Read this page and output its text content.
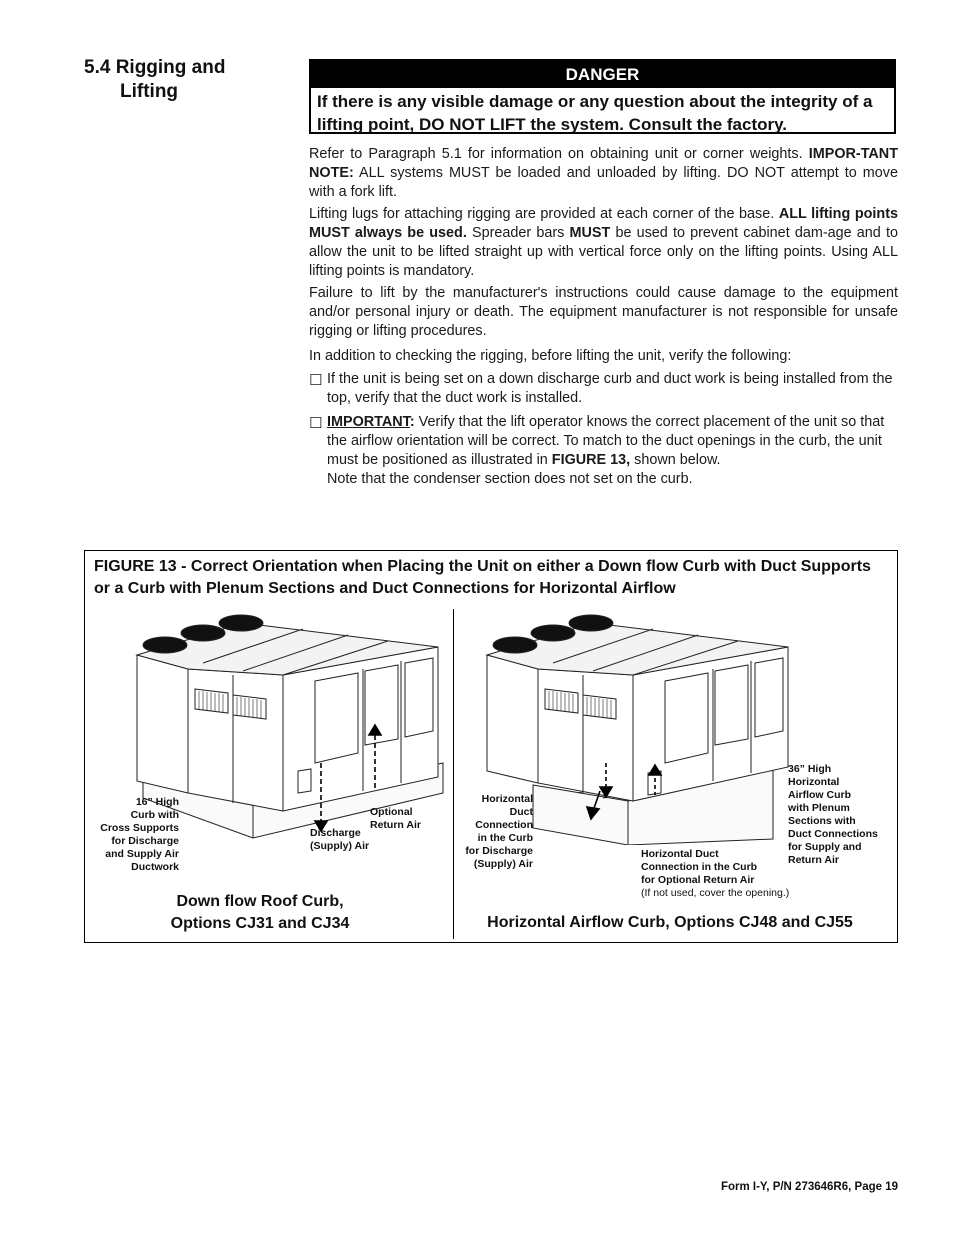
5.4 Rigging and
Lifting
DANGER
If there is any visible damage or any question about the integrity of a lifting point, DO NOT LIFT the system. Consult the factory.

Refer to Paragraph 5.1 for information on obtaining unit or corner weights. IMPOR-TANT NOTE: ALL systems MUST be loaded and unloaded by lifting. DO NOT attempt to move with a fork lift.

Lifting lugs for attaching rigging are provided at each corner of the base. ALL lifting points MUST always be used. Spreader bars MUST be used to prevent cabinet dam-age and to allow the unit to be lifted straight up with vertical force only on the lifting points. Using ALL lifting points is mandatory.

Failure to lift by the manufacturer's instructions could cause damage to the equipment and/or personal injury or death. The equipment manufacturer is not responsible for unsafe rigging or lifting procedures.

In addition to checking the rigging, before lifting the unit, verify the following:

☐ If the unit is being set on a down discharge curb and duct work is being installed from the top, verify that the duct work is installed.
☐ IMPORTANT: Verify that the lift operator knows the correct placement of the unit so that the airflow orientation will be correct. To match to the duct openings in the curb, the unit must be positioned as illustrated in FIGURE 13, shown below.
Note that the condenser section does not set on the curb.
FIGURE 13 - Correct Orientation when Placing the Unit on either a Down flow Curb with Duct Supports or a Curb with Plenum Sections and Duct Connections for Horizontal Airflow
16” High
Curb with
Cross Supports
for Discharge
and Supply Air
Ductwork
Discharge
(Supply) Air
Optional
Return Air
Down flow Roof Curb,
Options CJ31 and CJ34
Horizontal
Duct
Connection
in the Curb
for Discharge
(Supply) Air
Horizontal Duct
Connection in the Curb
for Optional Return Air
(If not used, cover the opening.)
36” High
Horizontal
Airflow Curb
with Plenum
Sections with
Duct Connections
for Supply and
Return Air
Horizontal Airflow Curb, Options CJ48 and CJ55
Form I-Y, P/N 273646R6, Page 19
